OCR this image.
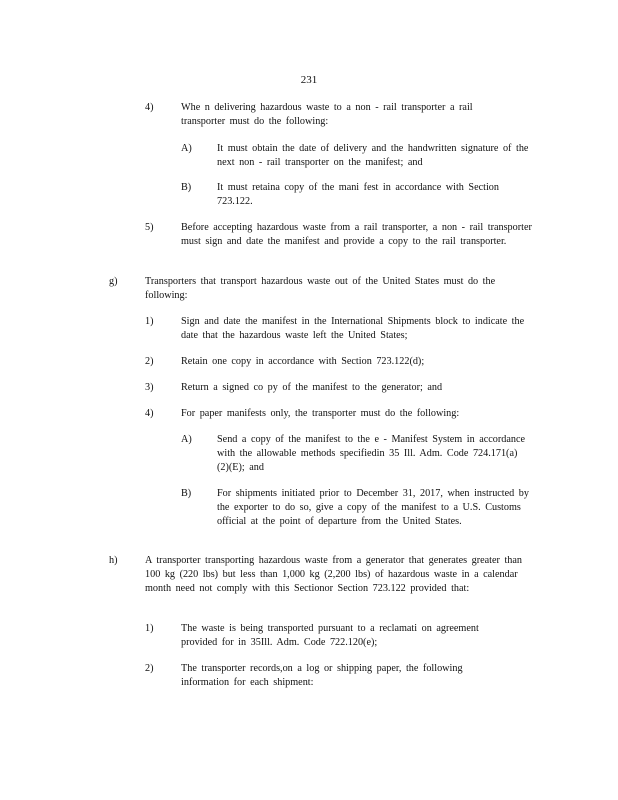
231
4)	Whe n delivering hazardous waste to a non - rail transporter a rail transporter must do the following:

A) It must obtain the date of delivery and the handwritten signature of the next non - rail transporter on the manifest; and

B)	It must retaina copy of the mani fest in accordance with Section 723.122.

5)	Before accepting hazardous waste from a rail transporter, a non - rail transporter must sign and date the manifest and provide a copy to the rail transporter.

g)	Transporters that transport hazardous waste out of the United States must do the following:

1)	Sign and date the manifest in the International Shipments block to indicate the date that the hazardous waste left the United States;

2)	Retain one copy in accordance with Section 723.122(d);

3)	Return a signed co py of the manifest to the generator; and

4)	For paper manifests only, the transporter must do the following:

A) Send a copy of the manifest to the e - Manifest System in accordance with the allowable methods specifiedin 35 Ill. Adm. Code 724.171(a)(2)(E); and

B)	For shipments initiated prior to December 31, 2017, when instructed by the exporter to do so, give a copy of the manifest to a U.S. Customs official at the point of departure from the United States.

h)	A transporter transporting hazardous waste from a generator that generates greater than 100 kg (220 lbs) but less than 1,000 kg (2,200 lbs) of hazardous waste in a calendar month need not comply with this Sectionor Section 723.122 provided that:

1)	The waste is being transported pursuant to a reclamati on agreement provided for in 35Ill. Adm. Code 722.120(e);

2)	The transporter records,on a log or shipping paper, the following information for each shipment:
